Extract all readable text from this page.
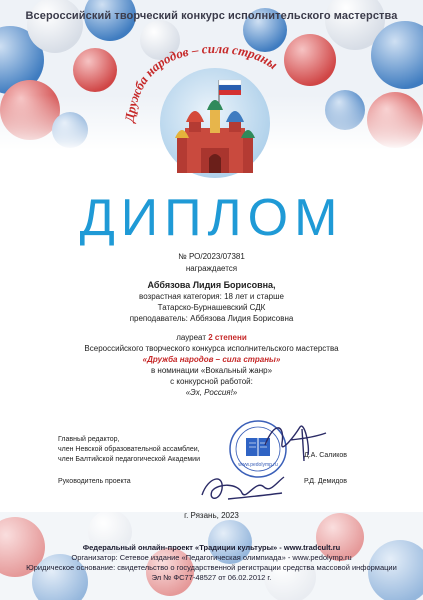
Всероссийский творческий конкурс исполнительского мастерства
Дружба народов – сила страны
ДИПЛОМ
№ РО/2023/07381
награждается
Аббязова Лидия Борисовна,
возрастная категория: 18 лет и старше
Татарско-Бурнашевский СДК
преподаватель: Аббязова Лидия Борисовна
лауреат 2 степени
Всероссийского творческого конкурса исполнительского мастерства
«Дружба народов – сила страны»
в номинации «Вокальный жанр»
с конкурсной работой:
«Эх, Россия!»
Главный редактор,
член Невской образовательной ассамблеи,
член Балтийской педагогической Академии
Руководитель проекта
Д.А. Саликов
Р.Д. Демидов
www.pedolymp.ru
г. Рязань, 2023
Федеральный онлайн-проект «Традиции культуры» - www.tradcult.ru
Организатор: Сетевое издание «Педагогическая олимпиада» - www.pedolymp.ru
Юридическое основание: свидетельство о государственной регистрации средства массовой информации
Эл № ФС77-48527 от 06.02.2012 г.
